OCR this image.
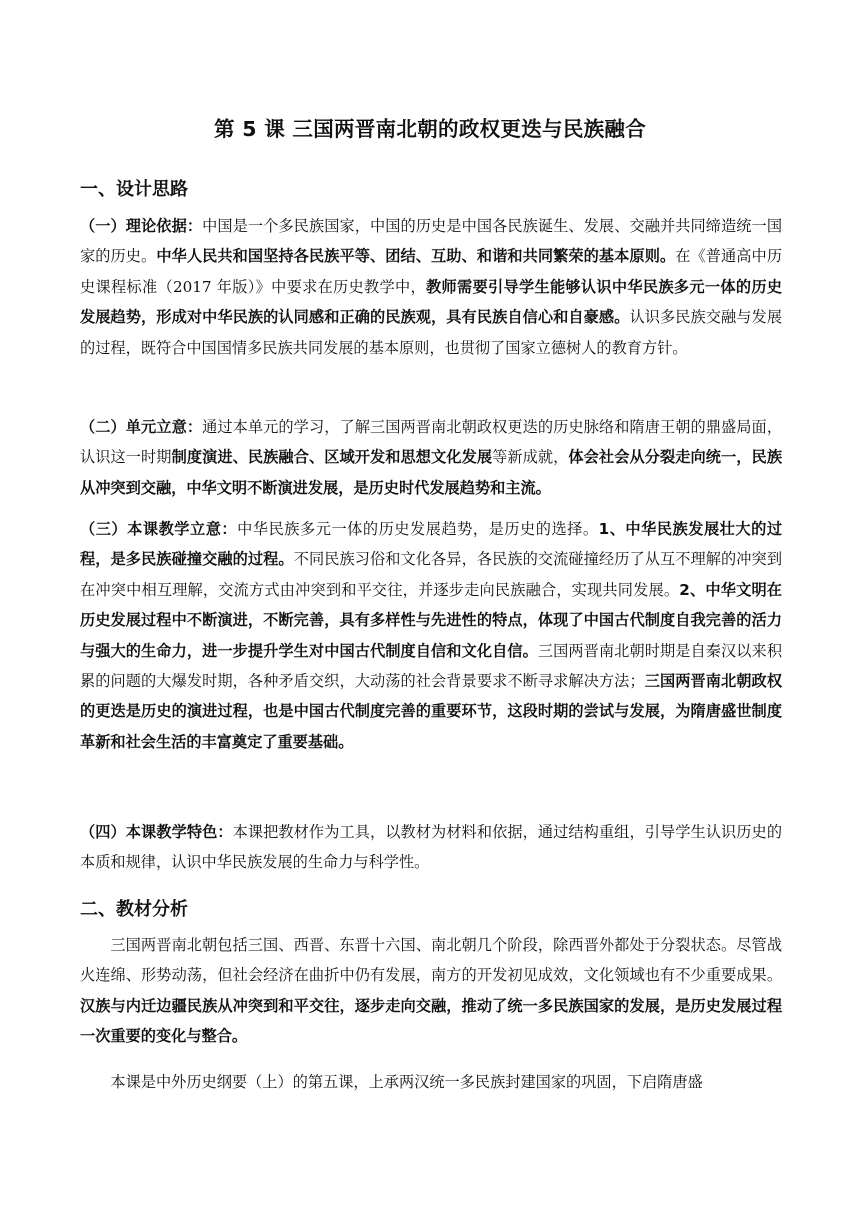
第 5 课 三国两晋南北朝的政权更迭与民族融合
一、设计思路
（一）理论依据：中国是一个多民族国家，中国的历史是中国各民族诞生、发展、交融并共同缔造统一国家的历史。中华人民共和国坚持各民族平等、团结、互助、和谐和共同繁荣的基本原则。在《普通高中历史课程标准（2017 年版）》中要求在历史教学中，教师需要引导学生能够认识中华民族多元一体的历史发展趋势，形成对中华民族的认同感和正确的民族观，具有民族自信心和自豪感。认识多民族交融与发展的过程，既符合中国国情多民族共同发展的基本原则，也贯彻了国家立德树人的教育方针。
（二）单元立意：通过本单元的学习，了解三国两晋南北朝政权更迭的历史脉络和隋唐王朝的鼎盛局面，认识这一时期制度演进、民族融合、区域开发和思想文化发展等新成就，体会社会从分裂走向统一，民族从冲突到交融，中华文明不断演进发展，是历史时代发展趋势和主流。
（三）本课教学立意：中华民族多元一体的历史发展趋势，是历史的选择。1、中华民族发展壮大的过程，是多民族碰撞交融的过程。不同民族习俗和文化各异，各民族的交流碰撞经历了从互不理解的冲突到在冲突中相互理解，交流方式由冲突到和平交往，并逐步走向民族融合，实现共同发展。2、中华文明在历史发展过程中不断演进，不断完善，具有多样性与先进性的特点，体现了中国古代制度自我完善的活力与强大的生命力，进一步提升学生对中国古代制度自信和文化自信。三国两晋南北朝时期是自秦汉以来积累的问题的大爆发时期，各种矛盾交织，大动荡的社会背景要求不断寻求解决方法；三国两晋南北朝政权的更迭是历史的演进过程，也是中国古代制度完善的重要环节，这段时期的尝试与发展，为隋唐盛世制度革新和社会生活的丰富奠定了重要基础。
（四）本课教学特色：本课把教材作为工具，以教材为材料和依据，通过结构重组，引导学生认识历史的本质和规律，认识中华民族发展的生命力与科学性。
二、教材分析
三国两晋南北朝包括三国、西晋、东晋十六国、南北朝几个阶段，除西晋外都处于分裂状态。尽管战火连绵、形势动荡，但社会经济在曲折中仍有发展，南方的开发初见成效，文化领域也有不少重要成果。汉族与内迁边疆民族从冲突到和平交往，逐步走向交融，推动了统一多民族国家的发展，是历史发展过程一次重要的变化与整合。
本课是中外历史纲要（上）的第五课，上承两汉统一多民族封建国家的巩固，下启隋唐盛
